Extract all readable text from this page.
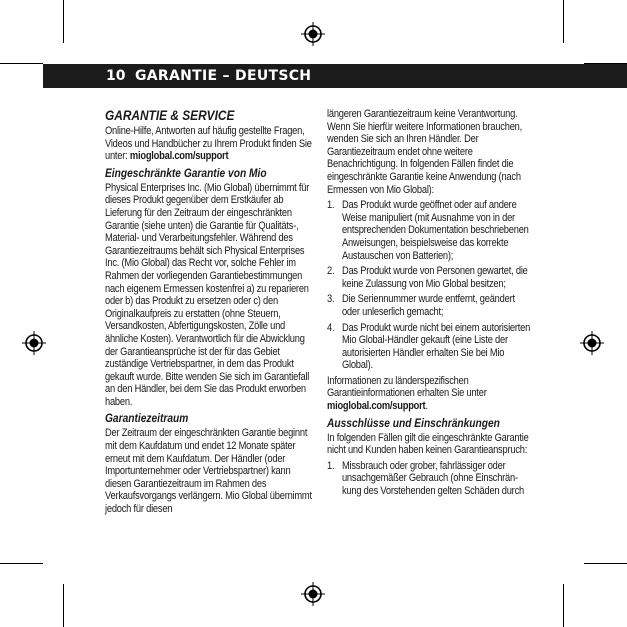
10 GARANTIE – DEUTSCH
GARANTIE & SERVICE

Online-Hilfe, Antworten auf häufig gestellte Fragen, Videos und Handbücher zu Ihrem Produkt finden Sie unter: mioglobal.com/support

Eingeschränkte Garantie von Mio

Physical Enterprises Inc. (Mio Global) übernimmt für dieses Produkt gegenüber dem Erstkäufer ab Lieferung für den Zeitraum der eingeschränkten Garantie (siehe unten) die Garantie für Qualitäts-, Material- und Verarbeitungsfehler. Während des Garantiezeitraums behält sich Physical Enterprises Inc. (Mio Global) das Recht vor, solche Fehler im Rahmen der vorliegenden Garantiebestimmungen nach eigenem Ermessen kostenfrei a) zu reparieren oder b) das Produkt zu ersetzen oder c) den Originalkaufpreis zu erstatten (ohne Steuern, Versandkosten, Abfertigungskosten, Zölle und ähnliche Kosten). Verantwortlich für die Abwicklung der Garantieansprüche ist der für das Gebiet zuständige Vertriebspartner, in dem das Produkt gekauft wurde. Bitte wenden Sie sich im Garantiefall an den Händler, bei dem Sie das Produkt erworben haben.

Garantiezeitraum

Der Zeitraum der eingeschränkten Garantie beginnt mit dem Kaufdatum und endet 12 Monate später erneut mit dem Kaufdatum. Der Händler (oder Importunternehmer oder Vertriebspartner) kann diesen Garantiezeitraum im Rahmen des Verkaufsvorgangs verlängern. Mio Global übernimmt jedoch für diesen

längeren Garantiezeitraum keine Verantwortung. Wenn Sie hierfür weitere Informationen brauchen, wenden Sie sich an Ihren Händler. Der Garantiezeitraum endet ohne weitere Benachrichtigung. In folgenden Fällen findet die eingeschränkte Garantie keine Anwendung (nach Ermessen von Mio Global):

1. Das Produkt wurde geöffnet oder auf andere Weise manipuliert (mit Ausnahme von in der entsprechenden Dokumentation beschriebenen Anweisungen, beispielsweise das korrekte Austauschen von Batterien);
2. Das Produkt wurde von Personen gewartet, die keine Zulassung von Mio Global besitzen;
3. Die Seriennummer wurde entfernt, geändert oder unleserlich gemacht;
4. Das Produkt wurde nicht bei einem autorisierten Mio Global-Händler gekauft (eine Liste der autorisierten Händler erhalten Sie bei Mio Global).

Informationen zu länderspezifischen Garantieinformationen erhalten Sie unter mioglobal.com/support.

Ausschlüsse und Einschränkungen

In folgenden Fällen gilt die eingeschränkte Garantie nicht und Kunden haben keinen Garantieanspruch:

1. Missbrauch oder grober, fahrlässiger oder unsachgemäßer Gebrauch (ohne Einschrän-kung des Vorstehenden gelten Schäden durch
